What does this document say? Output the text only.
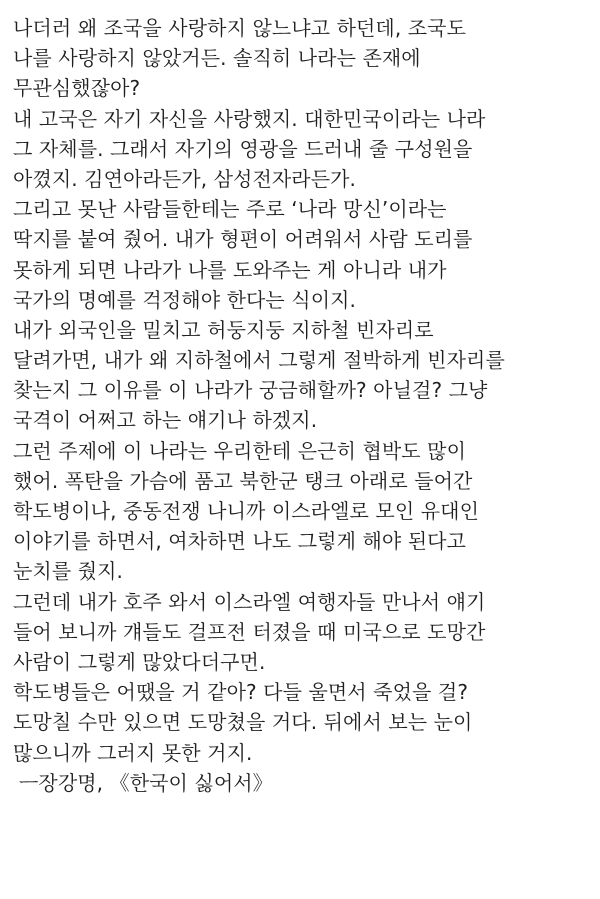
나더러 왜 조국을 사랑하지 않느냐고 하던데, 조국도
나를 사랑하지 않았거든. 솔직히 나라는 존재에
무관심했잖아?
내 고국은 자기 자신을 사랑했지. 대한민국이라는 나라
그 자체를. 그래서 자기의 영광을 드러내 줄 구성원을
아꼈지. 김연아라든가, 삼성전자라든가.
그리고 못난 사람들한테는 주로 ‘나라 망신’이라는
딱지를 붙여 줬어. 내가 형편이 어려워서 사람 도리를
못하게 되면 나라가 나를 도와주는 게 아니라 내가
국가의 명예를 걱정해야 한다는 식이지.
내가 외국인을 밀치고 허둥지둥 지하철 빈자리로
달려가면, 내가 왜 지하철에서 그렇게 절박하게 빈자리를
찾는지 그 이유를 이 나라가 궁금해할까? 아닐걸? 그냥
국격이 어쩌고 하는 얘기나 하겠지.
그런 주제에 이 나라는 우리한테 은근히 협박도 많이
했어. 폭탄을 가슴에 품고 북한군 탱크 아래로 들어간
학도병이나, 중동전쟁 나니까 이스라엘로 모인 유대인
이야기를 하면서, 여차하면 나도 그렇게 해야 된다고
눈치를 줬지.
그런데 내가 호주 와서 이스라엘 여행자들 만나서 얘기
들어 보니까 걔들도 걸프전 터졌을 때 미국으로 도망간
사람이 그렇게 많았다더구먼.
학도병들은 어땠을 거 같아? 다들 울면서 죽었을 걸?
도망칠 수만 있으면 도망쳤을 거다. 뒤에서 보는 눈이
많으니까 그러지 못한 거지.
ㅡ장강명, 《한국이 싫어서》
